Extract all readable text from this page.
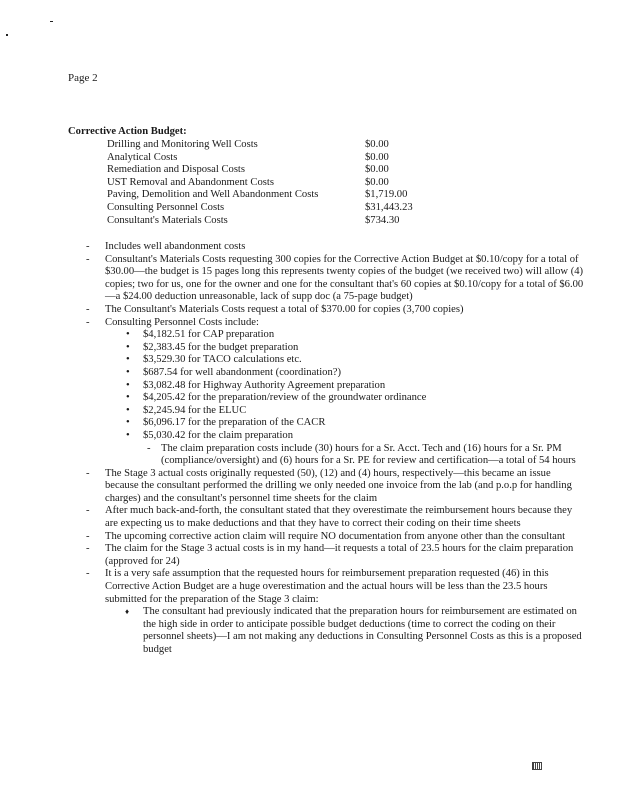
Page 2
Corrective Action Budget:
Drilling and Monitoring Well Costs	$0.00
Analytical Costs	$0.00
Remediation and Disposal Costs	$0.00
UST Removal and Abandonment Costs	$0.00
Paving, Demolition and Well Abandonment Costs	$1,719.00
Consulting Personnel Costs	$31,443.23
Consultant's Materials Costs	$734.30
- Includes well abandonment costs
- Consultant's Materials Costs requesting 300 copies for the Corrective Action Budget at $0.10/copy for a total of $30.00—the budget is 15 pages long this represents twenty copies of the budget (we received two) will allow (4) copies; two for us, one for the owner and one for the consultant that's 60 copies at $0.10/copy for a total of $6.00—a $24.00 deduction unreasonable, lack of supp doc (a 75-page budget)
- The Consultant's Materials Costs request a total of $370.00 for copies (3,700 copies)
- Consulting Personnel Costs include:
• $4,182.51 for CAP preparation
• $2,383.45 for the budget preparation
• $3,529.30 for TACO calculations etc.
• $687.54 for well abandonment (coordination?)
• $3,082.48 for Highway Authority Agreement preparation
• $4,205.42 for the preparation/review of the groundwater ordinance
• $2,245.94 for the ELUC
• $6,096.17 for the preparation of the CACR
• $5,030.42 for the claim preparation
- The claim preparation costs include (30) hours for a Sr. Acct. Tech and (16) hours for a Sr. PM (compliance/oversight) and (6) hours for a Sr. PE for review and certification—a total of 54 hours
- The Stage 3 actual costs originally requested (50), (12) and (4) hours, respectively—this became an issue because the consultant performed the drilling we only needed one invoice from the lab (and p.o.p for handling charges) and the consultant's personnel time sheets for the claim
- After much back-and-forth, the consultant stated that they overestimate the reimbursement hours because they are expecting us to make deductions and that they have to correct their coding on their time sheets
- The upcoming corrective action claim will require NO documentation from anyone other than the consultant
- The claim for the Stage 3 actual costs is in my hand—it requests a total of 23.5 hours for the claim preparation (approved for 24)
- It is a very safe assumption that the requested hours for reimbursement preparation requested (46) in this Corrective Action Budget are a huge overestimation and the actual hours will be less than the 23.5 hours submitted for the preparation of the Stage 3 claim:
♦ The consultant had previously indicated that the preparation hours for reimbursement are estimated on the high side in order to anticipate possible budget deductions (time to correct the coding on their personnel sheets)—I am not making any deductions in Consulting Personnel Costs as this is a proposed budget
